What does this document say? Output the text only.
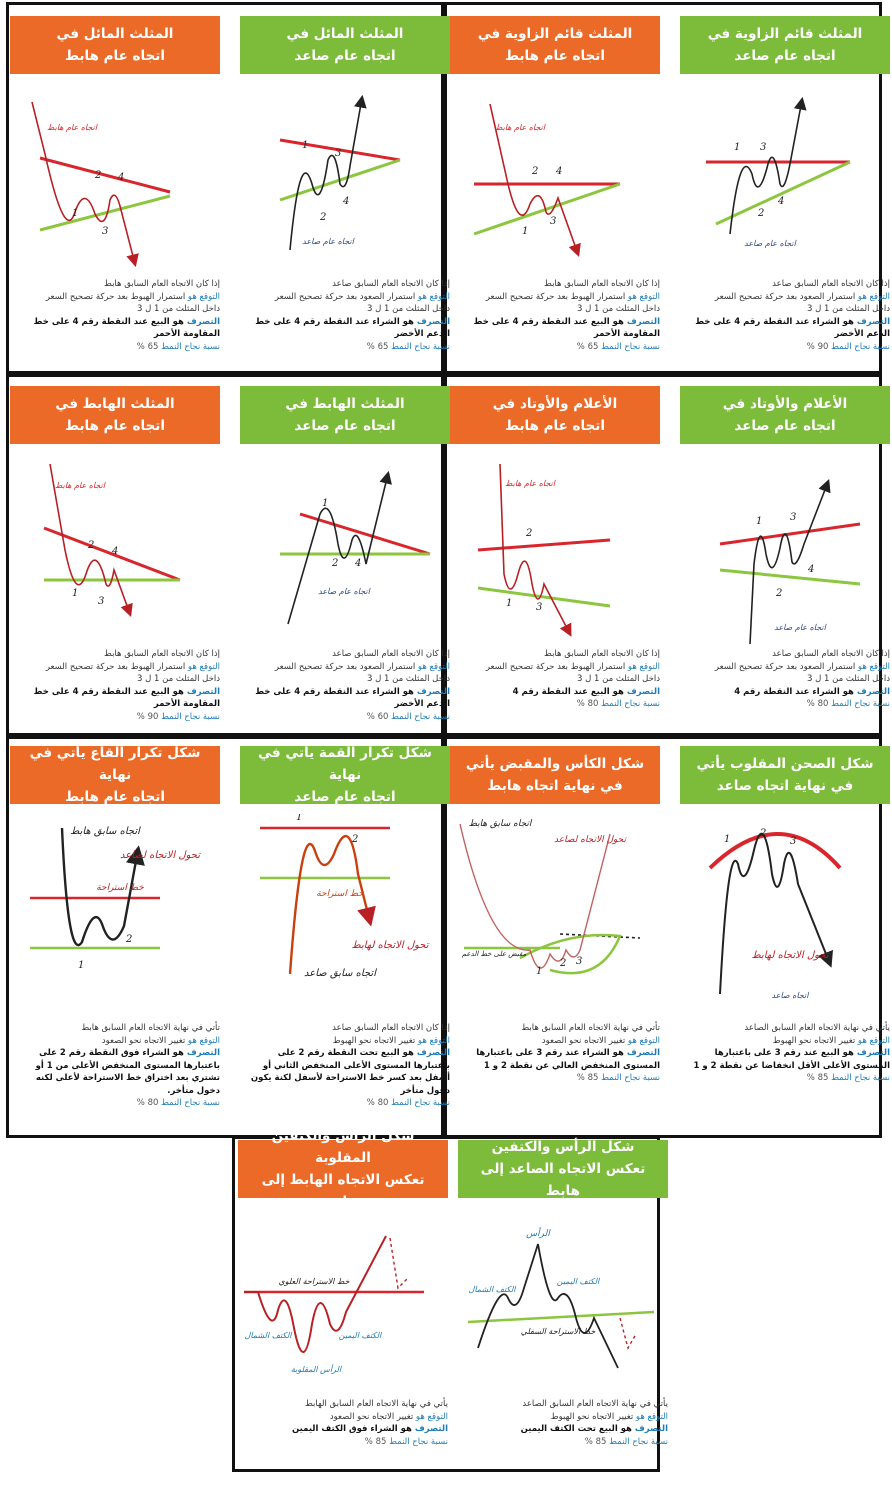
المثلث المائل في
اتجاه عام هابط
2 4
1
3
اتجاه عام هابط
إذا كان الاتجاه العام السابق هابط
التوقع هو استمرار الهبوط بعد حركة تصحيح السعر
داخل المثلث من 1 ل 3
التصرف هو البيع عند النقطة رقم 4 على خط المقاومة الأحمر
نسبة نجاح النمط 65 %
المثلث المائل في
اتجاه عام صاعد
1
3
4
2
اتجاه عام صاعد
إذا كان الاتجاه العام السابق صاعد
التوقع هو استمرار الصعود بعد حركة تصحيح السعر
داخل المثلث من 1 ل 3
التصرف هو الشراء عند النقطة رقم 4 على خط الدعم الأخضر
نسبة نجاح النمط 65 %
المثلث قائم الزاوية في
اتجاه عام هابط
2 4
1
3
اتجاه عام هابط
إذا كان الاتجاه العام السابق هابط
التوقع هو استمرار الهبوط بعد حركة تصحيح السعر
داخل المثلث من 1 ل 3
التصرف هو البيع عند النقطة رقم 4 على خط المقاومة الأحمر
نسبة نجاح النمط 65 %
المثلث قائم الزاوية في
اتجاه عام صاعد
1 3
4
2
اتجاه عام صاعد
إذا كان الاتجاه العام السابق صاعد
التوقع هو استمرار الصعود بعد حركة تصحيح السعر
داخل المثلث من 1 ل 3
التصرف هو الشراء عند النقطة رقم 4 على خط الدعم الأخضر
نسبة نجاح النمط 90 %
المثلث الهابط في
اتجاه عام هابط
2
4
1
3
اتجاه عام هابط
إذا كان الاتجاه العام السابق هابط
التوقع هو استمرار الهبوط بعد حركة تصحيح السعر
داخل المثلث من 1 ل 3
التصرف هو البيع عند النقطة رقم 4 على خط المقاومة الأحمر
نسبة نجاح النمط 90 %
المثلث الهابط في
اتجاه عام صاعد
1
2 4
اتجاه عام صاعد
إذا كان الاتجاه العام السابق صاعد
التوقع هو استمرار الصعود بعد حركة تصحيح السعر
داخل المثلث من 1 ل 3
التصرف هو الشراء عند النقطة رقم 4 على خط الدعم الأخضر
نسبة نجاح النمط 60 %
الأعلام والأوتاد في
اتجاه عام هابط
2
1 3
اتجاه عام هابط
إذا كان الاتجاه العام السابق هابط
التوقع هو استمرار الهبوط بعد حركة تصحيح السعر
داخل المثلث من 1 ل 3
التصرف هو البيع عند النقطة رقم 4
نسبة نجاح النمط 80 %
الأعلام والأوتاد في
اتجاه عام صاعد
1	3
4
2
اتجاه عام صاعد
إذا كان الاتجاه العام السابق صاعد
التوقع هو استمرار الصعود بعد حركة تصحيح السعر
داخل المثلث من 1 ل 3
التصرف هو الشراء عند النقطة رقم 4
نسبة نجاح النمط 80 %
شكل تكرار القاع يأتي في نهاية
اتجاه عام هابط
1
2
اتجاه سابق هابط
تحول الاتجاه لصاعد
خط استراحة
تأتي في نهاية الاتجاه العام السابق هابط
التوقع هو تغيير الاتجاه نحو الصعود
التصرف هو الشراء فوق النقطة رقم 2 على باعتبارها المستوى المنخفض الأعلى من 1 أو تشتري بعد اختراق خط الاستراحة لأعلى لكنه دخول متأخر.
نسبة نجاح النمط 80 %
شكل تكرار القمة يأتي في نهاية
اتجاه عام صاعد
1
2
اتجاه سابق صاعد
تحول الاتجاه لهابط
خط استراحة
إذا كان الاتجاه العام السابق صاعد
التوقع هو تغيير الاتجاه نحو الهبوط
التصرف هو البيع تحت النقطة رقم 2 على باعتبارها المستوى الأعلى المنخفض الثاني أو أسفل بعد كسر خط الاستراحة لأسفل لكنة يكون دخول متأخر
نسبة نجاح النمط 80 %
شكل الكأس والمقبض يأتي
في نهاية اتجاه هابط
1
2 3
اتجاه سابق هابط
تحول الاتجاه لصاعد
مقبض على خط الدعم
تأتي في نهاية الاتجاه العام السابق هابط
التوقع هو تغيير الاتجاه نحو الصعود
التصرف هو الشراء عند رقم 3 على باعتبارها المستوى المنخفض العالي عن نقطة 2 و 1
نسبة نجاح النمط 85 %
شكل الصحن المقلوب يأتي
في نهاية اتجاه صاعد
1
2
3
اتجاه صاعد
تحول الاتجاه لهابط
يأتي في نهاية الاتجاه العام السابق الصاعد
التوقع هو تغيير الاتجاه نحو الهبوط
التصرف هو البيع عند رقم 3 على باعتبارها المستوى الأعلى الأقل انخفاضا عن نقطة 2 و 1
نسبة نجاح النمط 85 %
شكل الرأس والكتفين المقلوبة
تعكس الاتجاه الهابط إلى صاعد
خط الاستراحة العلوي
الكتف الشمال	الكتف اليمين
الرأس المقلوبة
يأتي في نهاية الاتجاه العام السابق الهابط
التوقع هو تغيير الاتجاه نحو الصعود
التصرف هو الشراء فوق الكتف اليمين
نسبة نجاح النمط 85 %
شكل الرأس والكتفين
تعكس الاتجاه الصاعد إلى هابط
الرأس
الكتف الشمال
الكتف اليمين
خط الاستراحة السفلي
يأتي في نهاية الاتجاه العام السابق الصاعد
التوقع هو تغيير الاتجاه نحو الهبوط
التصرف هو البيع تحت الكتف اليمين
نسبة نجاح النمط 85 %
